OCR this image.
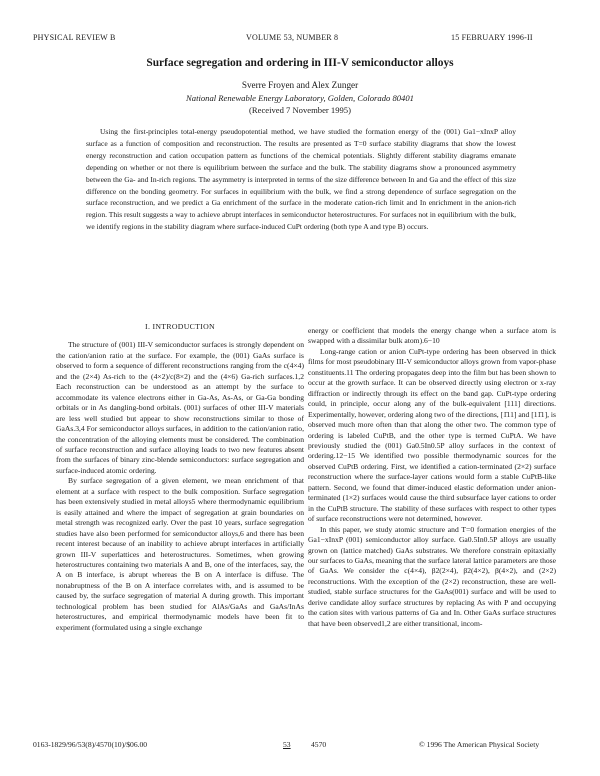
PHYSICAL REVIEW B	VOLUME 53, NUMBER 8	15 FEBRUARY 1996-II
Surface segregation and ordering in III-V semiconductor alloys
Sverre Froyen and Alex Zunger
National Renewable Energy Laboratory, Golden, Colorado 80401
(Received 7 November 1995)
Using the first-principles total-energy pseudopotential method, we have studied the formation energy of the (001) Ga1−xInxP alloy surface as a function of composition and reconstruction. The results are presented as T=0 surface stability diagrams that show the lowest energy reconstruction and cation occupation pattern as functions of the chemical potentials. Slightly different stability diagrams emanate depending on whether or not there is equilibrium between the surface and the bulk. The stability diagrams show a pronounced asymmetry between the Ga- and In-rich regions. The asymmetry is interpreted in terms of the size difference between In and Ga and the effect of this size difference on the bonding geometry. For surfaces in equilibrium with the bulk, we find a strong dependence of surface segregation on the surface reconstruction, and we predict a Ga enrichment of the surface in the moderate cation-rich limit and In enrichment in the anion-rich region. This result suggests a way to achieve abrupt interfaces in semiconductor heterostructures. For surfaces not in equilibrium with the bulk, we identify regions in the stability diagram where surface-induced CuPt ordering (both type A and type B) occurs.
I. INTRODUCTION

The structure of (001) III-V semiconductor surfaces is strongly dependent on the cation/anion ratio at the surface. For example, the (001) GaAs surface is observed to form a sequence of different reconstructions ranging from the c(4×4) and the (2×4) As-rich to the (4×2)/c(8×2) and the (4×6) Ga-rich surfaces.1,2 Each reconstruction can be understood as an attempt by the surface to accommodate its valence electrons either in Ga-As, As-As, or Ga-Ga bonding orbitals or in As dangling-bond orbitals. (001) surfaces of other III-V materials are less well studied but appear to show reconstructions similar to those of GaAs.3,4 For semiconductor alloys surfaces, in addition to the cation/anion ratio, the concentration of the alloying elements must be considered. The combination of surface reconstruction and surface alloying leads to two new features absent from the surfaces of binary zinc-blende semiconductors: surface segregation and surface-induced atomic ordering.

By surface segregation of a given element, we mean enrichment of that element at a surface with respect to the bulk composition. Surface segregation has been extensively studied in metal alloys5 where thermodynamic equilibrium is easily attained and where the impact of segregation at grain boundaries on metal strength was recognized early. Over the past 10 years, surface segregation studies have also been performed for semiconductor alloys,6 and there has been recent interest because of an inability to achieve abrupt interfaces in artificially grown III-V superlattices and heterostructures. Sometimes, when growing heterostructures containing two materials A and B, one of the interfaces, say, the A on B interface, is abrupt whereas the B on A interface is diffuse. The nonabruptness of the B on A interface correlates with, and is assumed to be caused by, the surface segregation of material A during growth. This important technological problem has been studied for AlAs/GaAs and GaAs/InAs heterostructures, and empirical thermodynamic models have been fit to experiment (formulated using a single exchange

energy or coefficient that models the energy change when a surface atom is swapped with a dissimilar bulk atom).6−10

Long-range cation or anion CuPt-type ordering has been observed in thick films for most pseudobinary III-V semiconductor alloys grown from vapor-phase constituents.11 The ordering propagates deep into the film but has been shown to occur at the growth surface. It can be observed directly using electron or x-ray diffraction or indirectly through its effect on the band gap. CuPt-type ordering could, in principle, occur along any of the bulk-equivalent [111] directions. Experimentally, however, ordering along two of the directions, [1̄11] and [11̄1], is observed much more often than that along the other two. The common type of ordering is labeled CuPtB, and the other type is termed CuPtA. We have previously studied the (001) Ga0.5In0.5P alloy surfaces in the context of ordering.12−15 We identified two possible thermodynamic sources for the observed CuPtB ordering. First, we identified a cation-terminated (2×2) surface reconstruction where the surface-layer cations would form a stable CuPtB-like pattern. Second, we found that dimer-induced elastic deformation under anion-terminated (1×2) surfaces would cause the third subsurface layer cations to order in the CuPtB structure. The stability of these surfaces with respect to other types of surface reconstructions were not determined, however.

In this paper, we study atomic structure and T=0 formation energies of the Ga1−xInxP (001) semiconductor alloy surface. Ga0.5In0.5P alloys are usually grown on (lattice matched) GaAs substrates. We therefore constrain epitaxially our surfaces to GaAs, meaning that the surface lateral lattice parameters are those of GaAs. We consider the c(4×4), β2(2×4), β2(4×2), β(4×2), and (2×2) reconstructions. With the exception of the (2×2) reconstruction, these are well-studied, stable surface structures for the GaAs(001) surface and will be used to derive candidate alloy surface structures by replacing As with P and occupying the cation sites with various patterns of Ga and In. Other GaAs surface structures that have been observed1,2 are either transitional, incom-

0163-1829/96/53(8)/4570(10)/$06.00	53	4570	© 1996 The American Physical Society
